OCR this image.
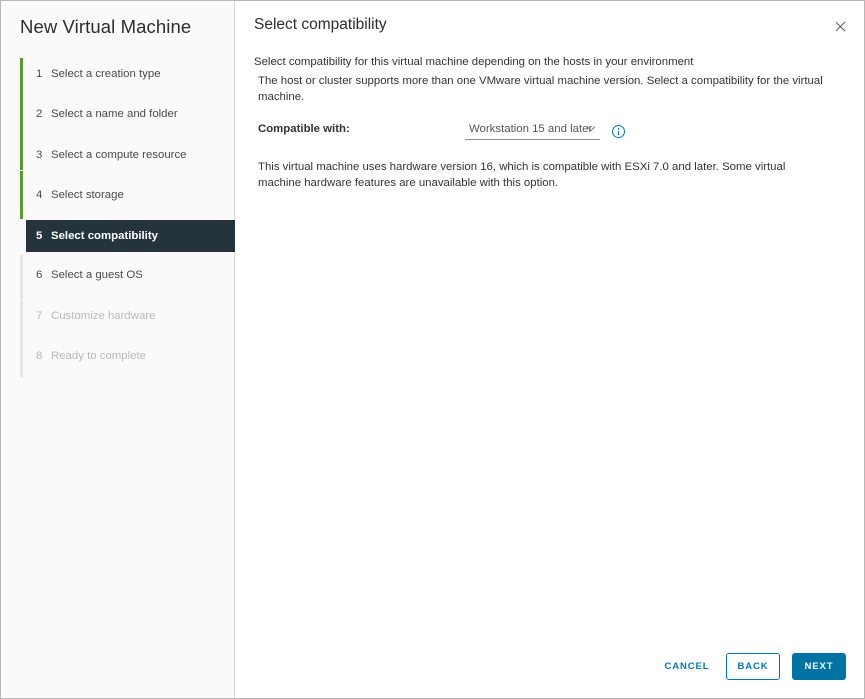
New Virtual Machine
1 Select a creation type
2 Select a name and folder
3 Select a compute resource
4 Select storage
5 Select compatibility
6 Select a guest OS
7 Customize hardware
8 Ready to complete
Select compatibility
Select compatibility for this virtual machine depending on the hosts in your environment
The host or cluster supports more than one VMware virtual machine version. Select a compatibility for the virtual machine.
Compatible with:	Workstation 15 and later
This virtual machine uses hardware version 16, which is compatible with ESXi 7.0 and later. Some virtual machine hardware features are unavailable with this option.
CANCEL	BACK	NEXT
